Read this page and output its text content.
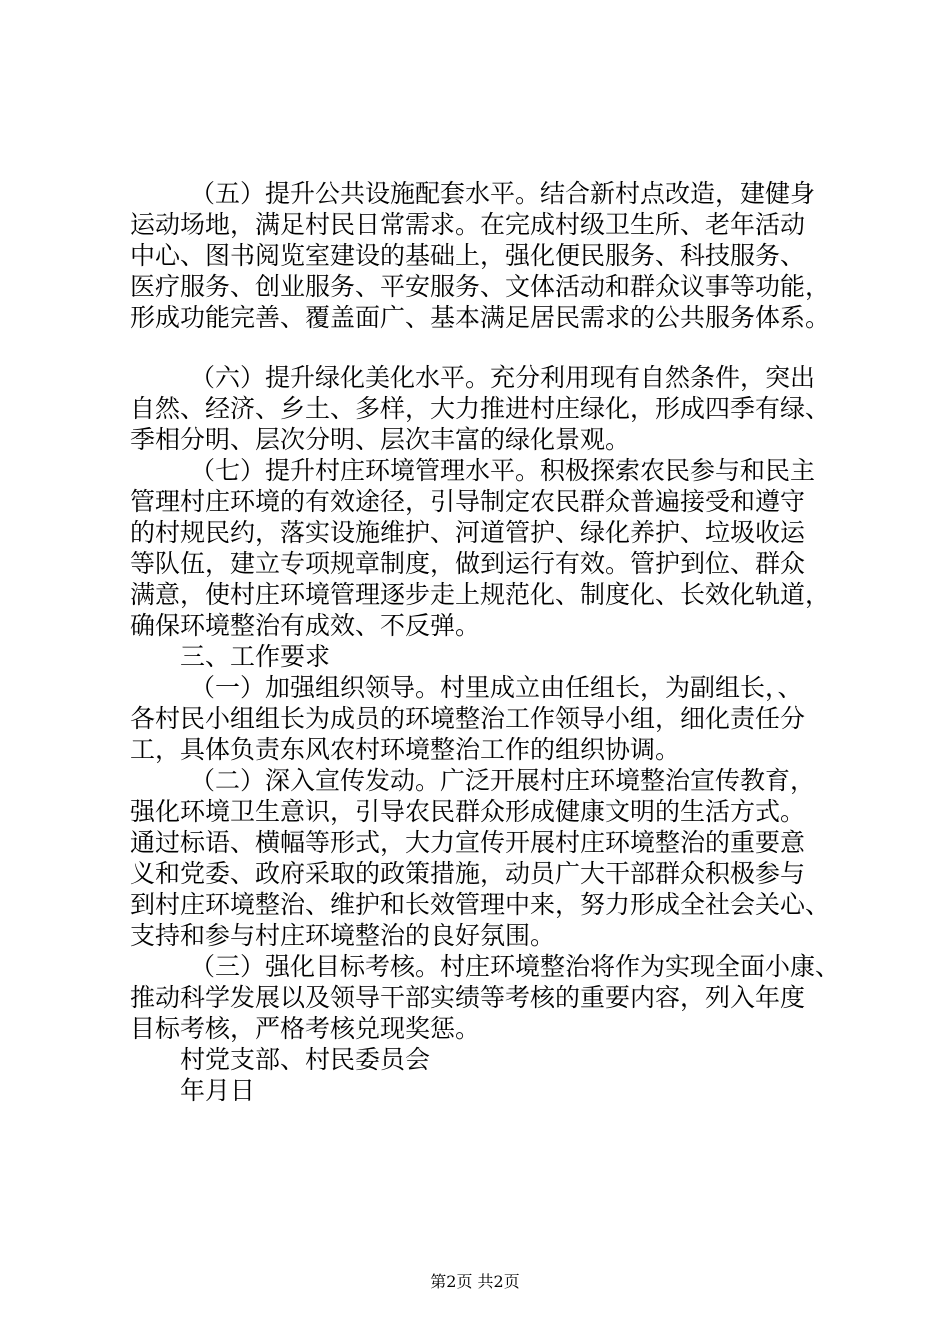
（五）提升公共设施配套水平。结合新村点改造，建健身
运动场地，满足村民日常需求。在完成村级卫生所、老年活动
中心、图书阅览室建设的基础上，强化便民服务、科技服务、
医疗服务、创业服务、平安服务、文体活动和群众议事等功能，
形成功能完善、覆盖面广、基本满足居民需求的公共服务体系。
（六）提升绿化美化水平。充分利用现有自然条件，突出
自然、经济、乡土、多样，大力推进村庄绿化，形成四季有绿、
季相分明、层次分明、层次丰富的绿化景观。
（七）提升村庄环境管理水平。积极探索农民参与和民主
管理村庄环境的有效途径，引导制定农民群众普遍接受和遵守
的村规民约，落实设施维护、河道管护、绿化养护、垃圾收运
等队伍，建立专项规章制度，做到运行有效。管护到位、群众
满意，使村庄环境管理逐步走上规范化、制度化、长效化轨道，
确保环境整治有成效、不反弹。
三、工作要求
（一）加强组织领导。村里成立由任组长，为副组长，、
各村民小组组长为成员的环境整治工作领导小组，细化责任分
工，具体负责东风农村环境整治工作的组织协调。
（二）深入宣传发动。广泛开展村庄环境整治宣传教育，
强化环境卫生意识，引导农民群众形成健康文明的生活方式。
通过标语、横幅等形式，大力宣传开展村庄环境整治的重要意
义和党委、政府采取的政策措施，动员广大干部群众积极参与
到村庄环境整治、维护和长效管理中来，努力形成全社会关心、
支持和参与村庄环境整治的良好氛围。
（三）强化目标考核。村庄环境整治将作为实现全面小康、
推动科学发展以及领导干部实绩等考核的重要内容，列入年度
目标考核，严格考核兑现奖惩。
村党支部、村民委员会
年月日
第2页 共2页
